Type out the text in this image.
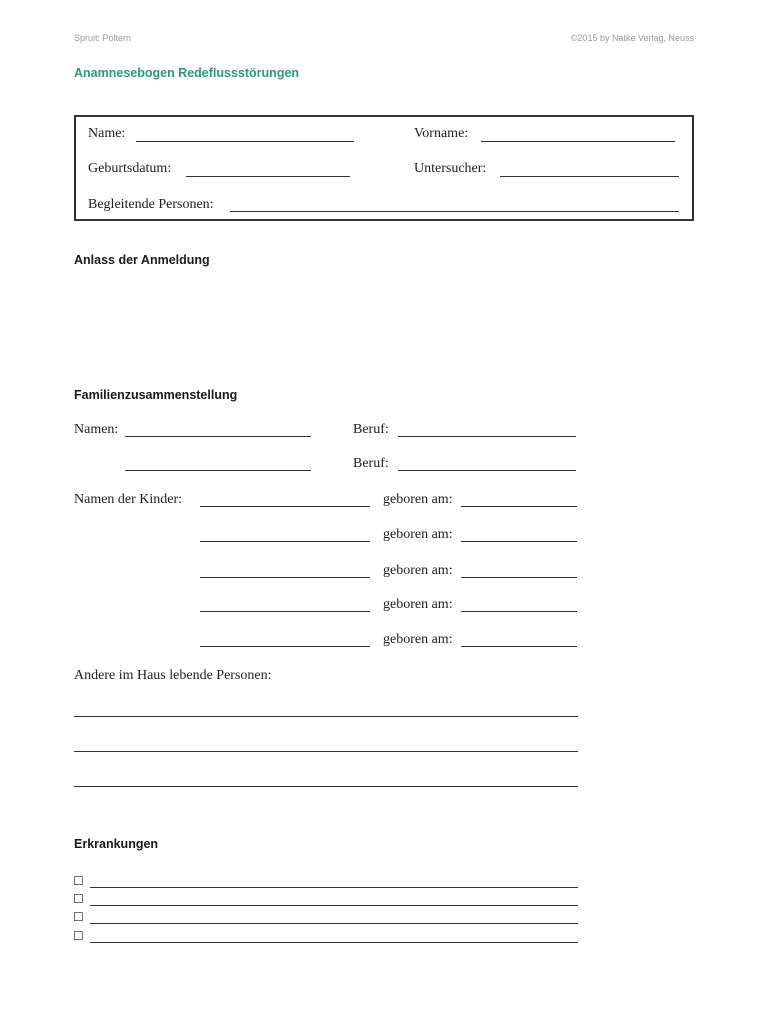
Spruit: Poltern	©2015 by Natke Verlag, Neuss
Anamnesebogen Redeflussstörungen
Name:	Vorname:
Geburtsdatum:	Untersucher:
Begleitende Personen:
Anlass der Anmeldung
Familienzusammenstellung
Namen:	Beruf:
Beruf:
Namen der Kinder:	geboren am:
geboren am:
geboren am:
geboren am:
geboren am:
Andere im Haus lebende Personen:
Erkrankungen
☐
☐
☐
☐
